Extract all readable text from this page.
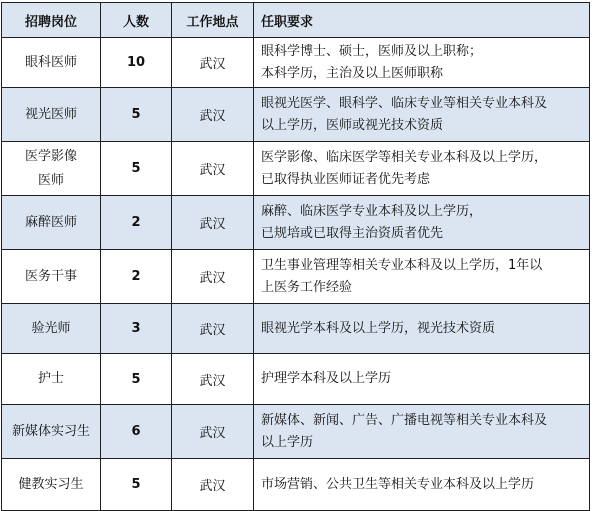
招聘岗位	人数	工作地点	任职要求

眼科医师	10	武汉	眼科学博士、硕士，医师及以上职称；
本科学历，主治及以上医师职称

视光医师	5	武汉	眼视光医学、眼科学、临床专业等相关专业本科及
以上学历，医师或视光技术资质

医学影像
医师	5	武汉	医学影像、临床医学等相关专业本科及以上学历，
已取得执业医师证者优先考虑

麻醉医师	2	武汉	麻醉、临床医学专业本科及以上学历，
已规培或已取得主治资质者优先

医务干事	2	武汉	卫生事业管理等相关专业本科及以上学历，1年以
上医务工作经验

验光师	3	武汉	眼视光学本科及以上学历，视光技术资质

护士	5	武汉	护理学本科及以上学历

新媒体实习生	6	武汉	新媒体、新闻、广告、广播电视等相关专业本科及
以上学历

健教实习生	5	武汉	市场营销、公共卫生等相关专业本科及以上学历
